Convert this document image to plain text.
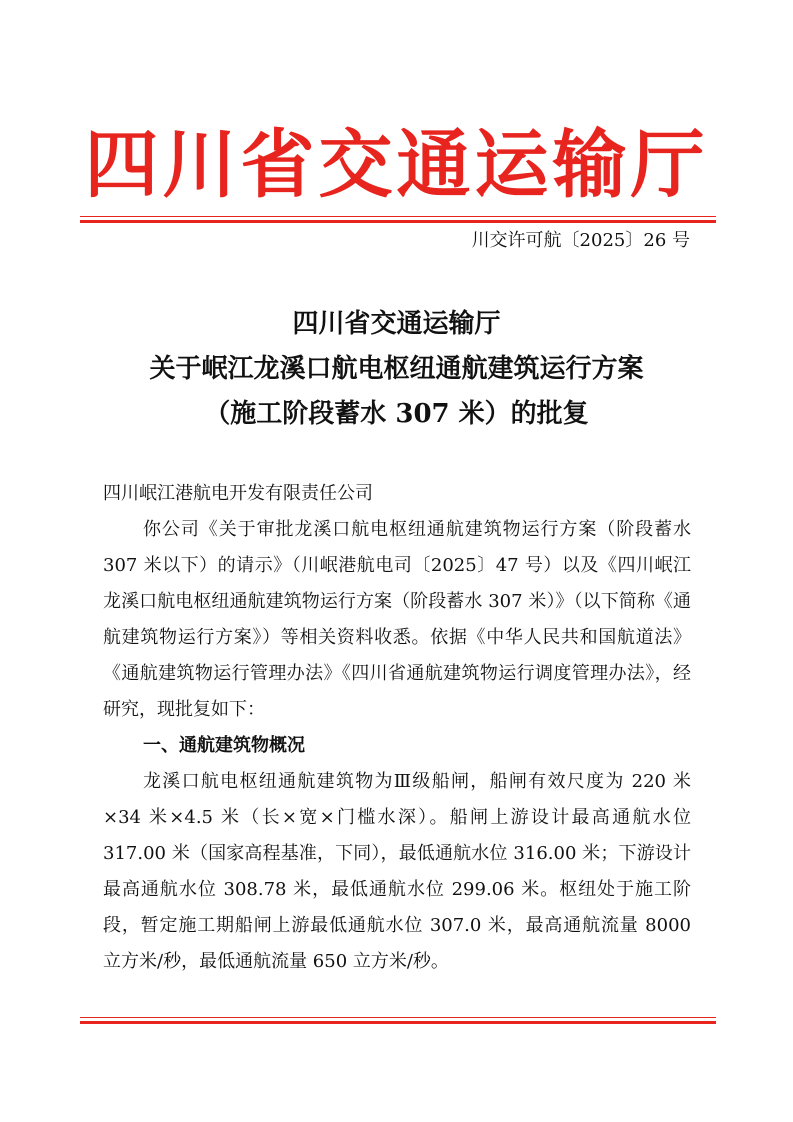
四川省交通运输厅
川交许可航〔2025〕26 号
四川省交通运输厅
关于岷江龙溪口航电枢纽通航建筑运行方案
（施工阶段蓄水 307 米）的批复

四川岷江港航电开发有限责任公司

你公司《关于审批龙溪口航电枢纽通航建筑物运行方案（阶段蓄水 307 米以下）的请示》（川岷港航电司〔2025〕47 号）以及《四川岷江龙溪口航电枢纽通航建筑物运行方案（阶段蓄水 307 米）》（以下简称《通航建筑物运行方案》）等相关资料收悉。依据《中华人民共和国航道法》《通航建筑物运行管理办法》《四川省通航建筑物运行调度管理办法》，经研究，现批复如下：

一、通航建筑物概况

龙溪口航电枢纽通航建筑物为Ⅲ级船闸，船闸有效尺度为 220 米×34 米×4.5 米（长×宽×门槛水深）。船闸上游设计最高通航水位 317.00 米（国家高程基准，下同），最低通航水位 316.00 米；下游设计最高通航水位 308.78 米，最低通航水位 299.06 米。枢纽处于施工阶段，暂定施工期船闸上游最低通航水位 307.0 米，最高通航流量 8000 立方米/秒，最低通航流量 650 立方米/秒。
